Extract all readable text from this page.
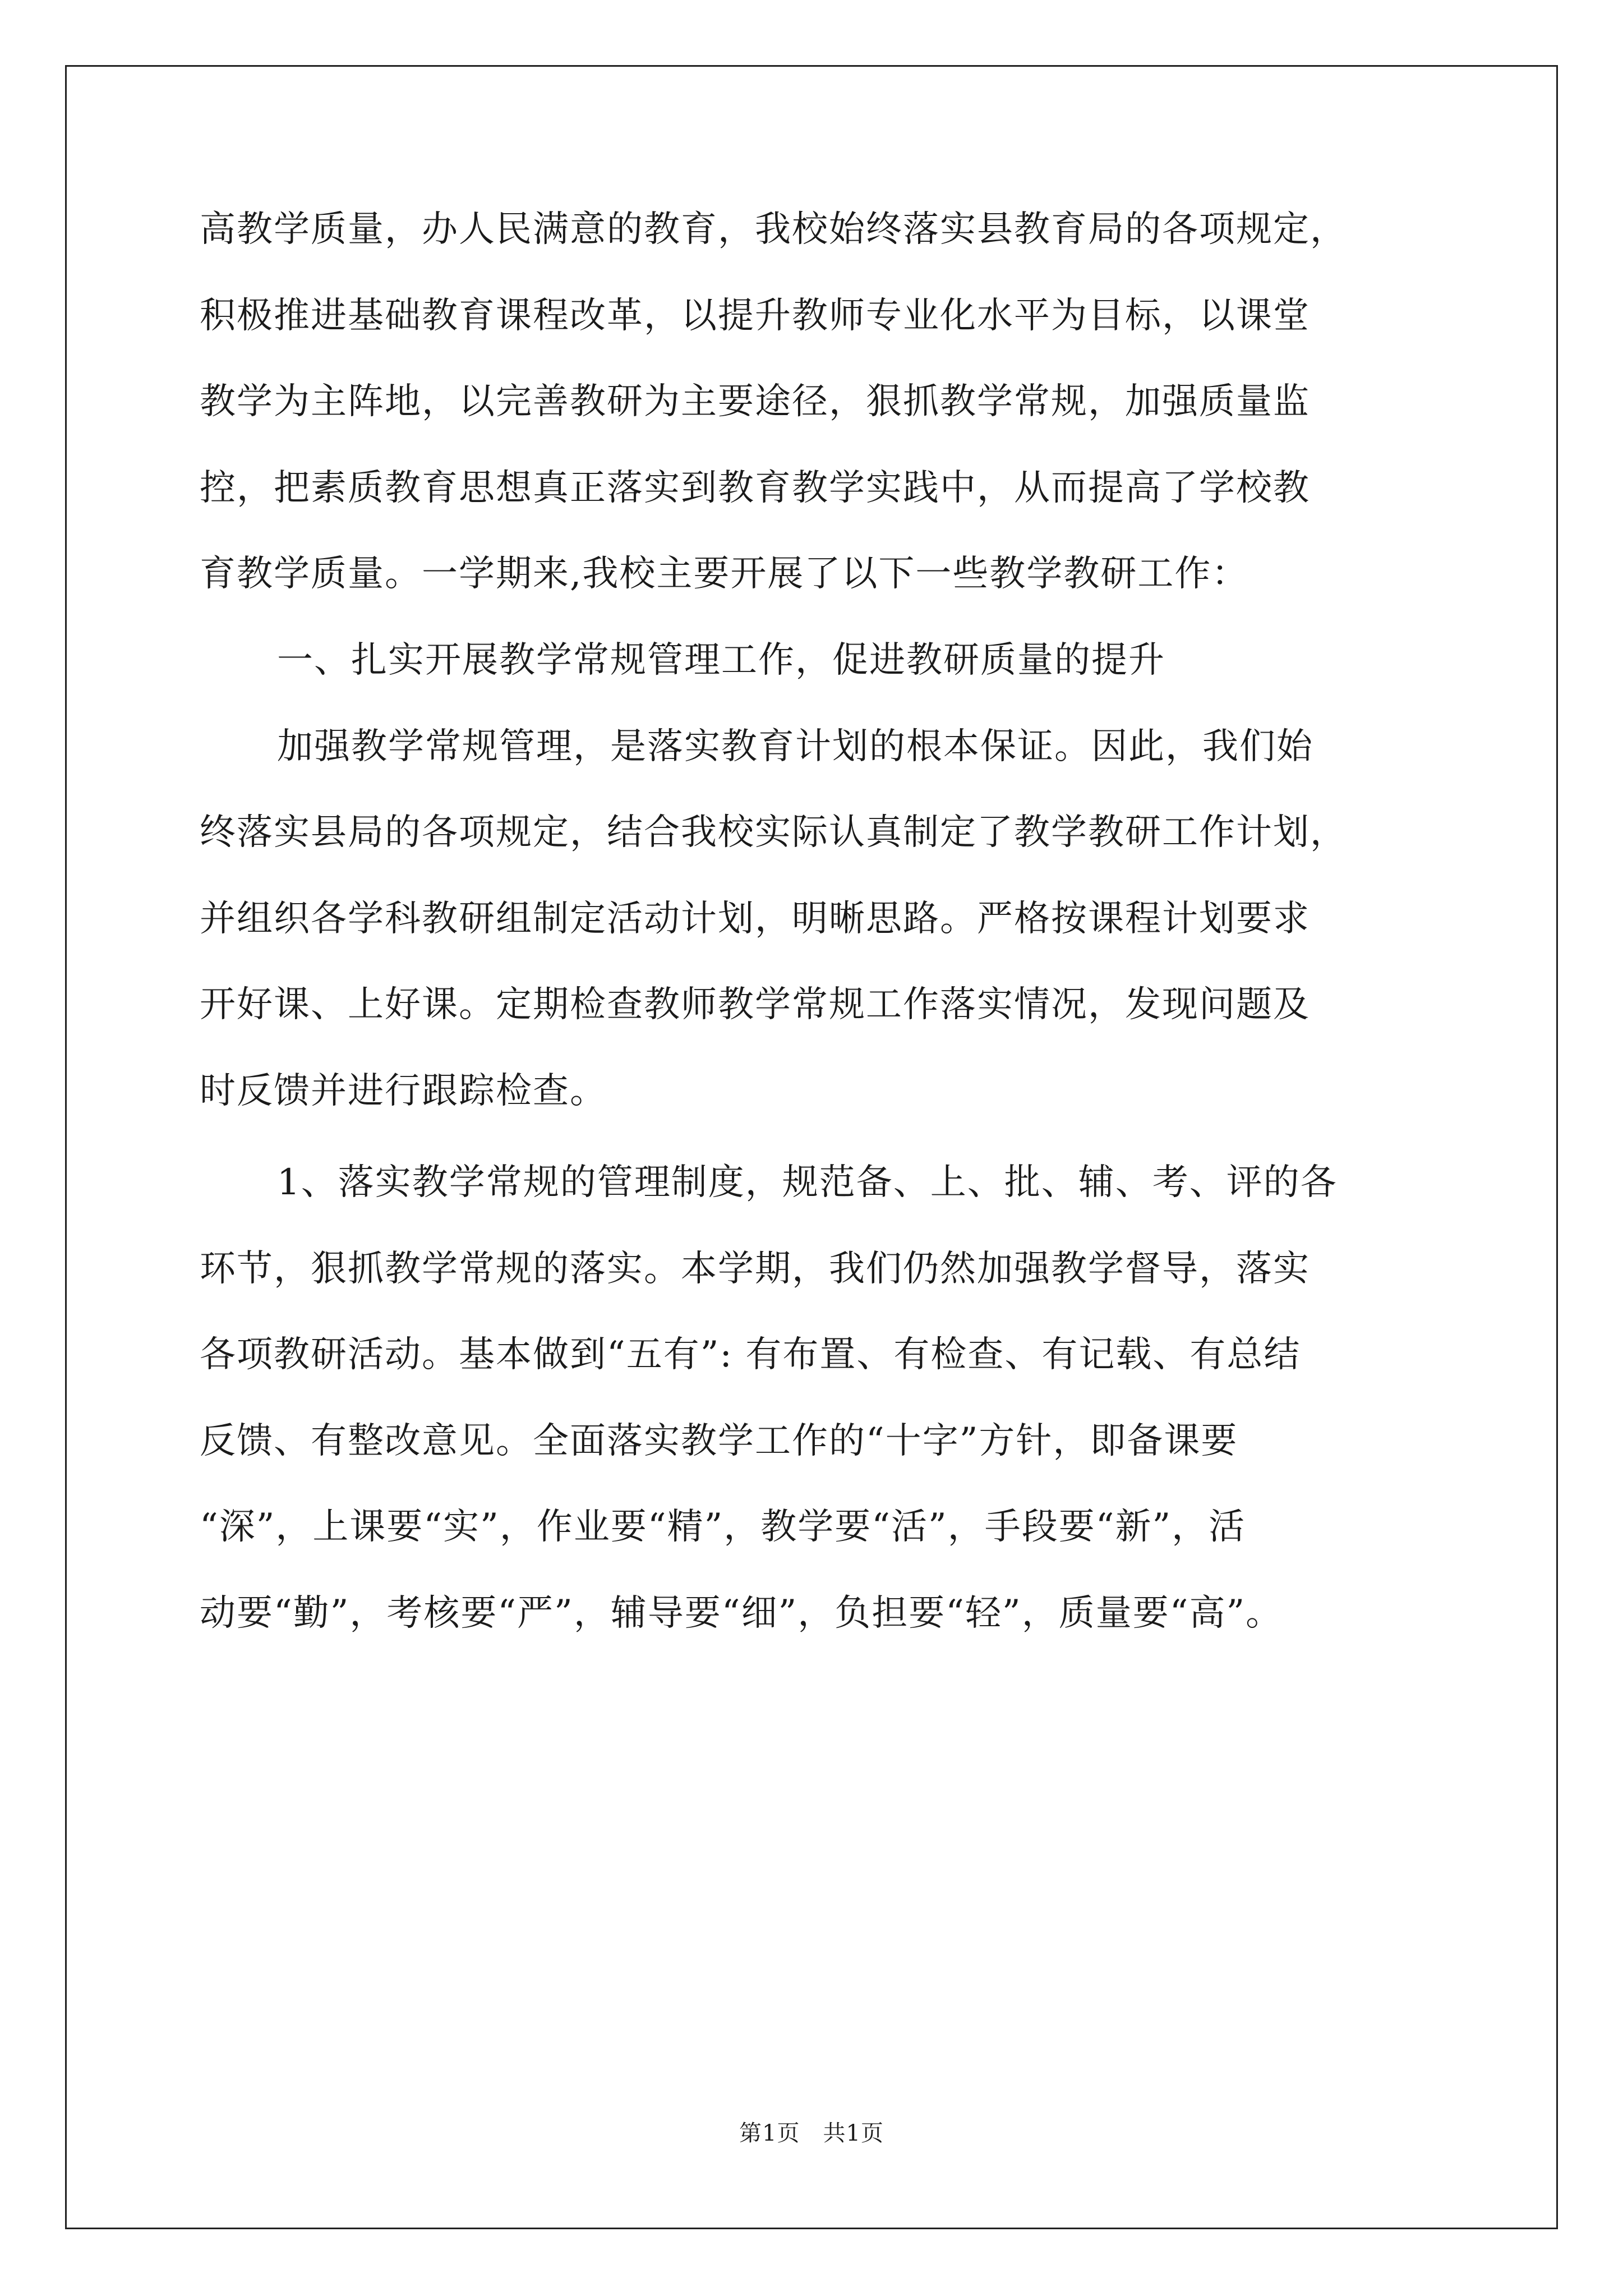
高教学质量，办人民满意的教育，我校始终落实县教育局的各项规定，
积极推进基础教育课程改革，以提升教师专业化水平为目标，以课堂
教学为主阵地，以完善教研为主要途径，狠抓教学常规，加强质量监
控，把素质教育思想真正落实到教育教学实践中，从而提高了学校教
育教学质量。一学期来,我校主要开展了以下一些教学教研工作：
一、扎实开展教学常规管理工作，促进教研质量的提升
加强教学常规管理，是落实教育计划的根本保证。因此，我们始
终落实县局的各项规定，结合我校实际认真制定了教学教研工作计划，
并组织各学科教研组制定活动计划，明晰思路。严格按课程计划要求
开好课、上好课。定期检查教师教学常规工作落实情况，发现问题及
时反馈并进行跟踪检查。
1、落实教学常规的管理制度，规范备、上、批、辅、考、评的各
环节，狠抓教学常规的落实。本学期，我们仍然加强教学督导，落实
各项教研活动。基本做到“五有”: 有布置、有检查、有记载、有总结
反馈、有整改意见。全面落实教学工作的“十字”方针，即备课要
“深”，上课要“实”，作业要“精”，教学要“活”，手段要“新”，活
动要“勤”，考核要“严”，辅导要“细”，负担要“轻”，质量要“高”。
第1页　共1页
